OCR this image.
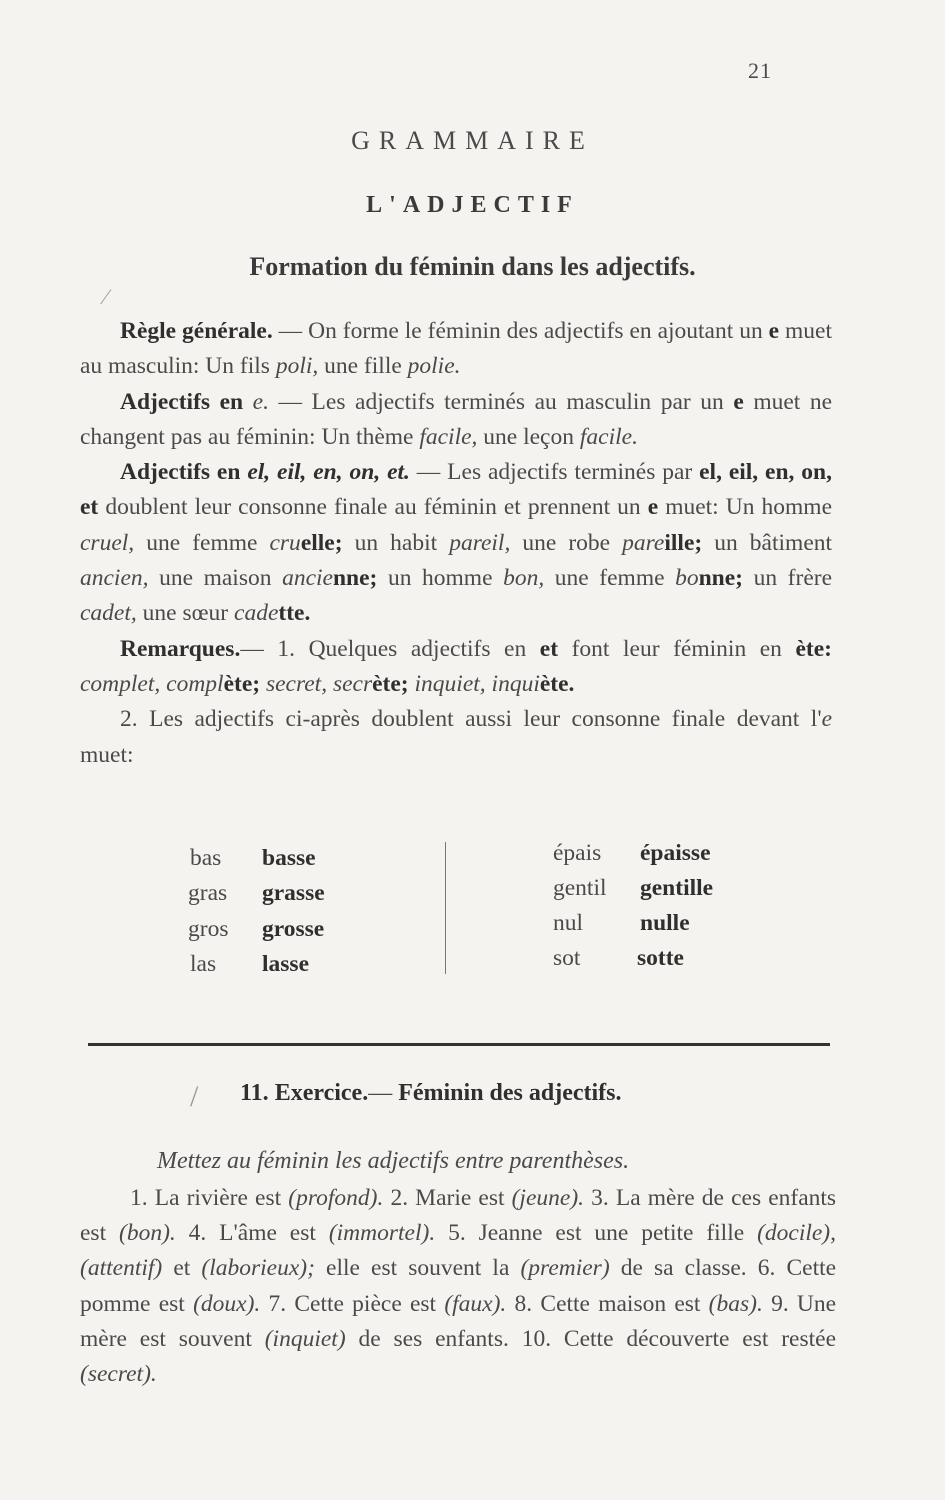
21
GRAMMAIRE
L'ADJECTIF
Formation du féminin dans les adjectifs.
⁄

Règle générale. — On forme le féminin des adjectifs en ajoutant un e muet au masculin: Un fils poli, une fille polie.

Adjectifs en e. — Les adjectifs terminés au masculin par un e muet ne changent pas au féminin: Un thème facile, une leçon facile.

Adjectifs en el, eil, en, on, et. — Les adjectifs terminés par el, eil, en, on, et doublent leur consonne finale au féminin et prennent un e muet: Un homme cruel, une femme cruelle; un habit pareil, une robe pareille; un bâtiment ancien, une maison ancienne; un homme bon, une femme bonne; un frère cadet, une sœur cadette.

Remarques.— 1. Quelques adjectifs en et font leur féminin en ète: complet, complète; secret, secrète; inquiet, inquiète.

2. Les adjectifs ci-après doublent aussi leur consonne finale devant l'e muet:

bas basse
gras grasse
gros grosse
las lasse
épais épaisse
gentil gentille
nul nulle
sot sotte
/ 11. Exercice.— Féminin des adjectifs.
Mettez au féminin les adjectifs entre parenthèses.

1. La rivière est (profond). 2. Marie est (jeune). 3. La mère de ces enfants est (bon). 4. L'âme est (immortel). 5. Jeanne est une petite fille (docile), (attentif) et (laborieux); elle est souvent la (premier) de sa classe. 6. Cette pomme est (doux). 7. Cette pièce est (faux). 8. Cette maison est (bas). 9. Une mère est souvent (inquiet) de ses enfants. 10. Cette découverte est restée (secret).
